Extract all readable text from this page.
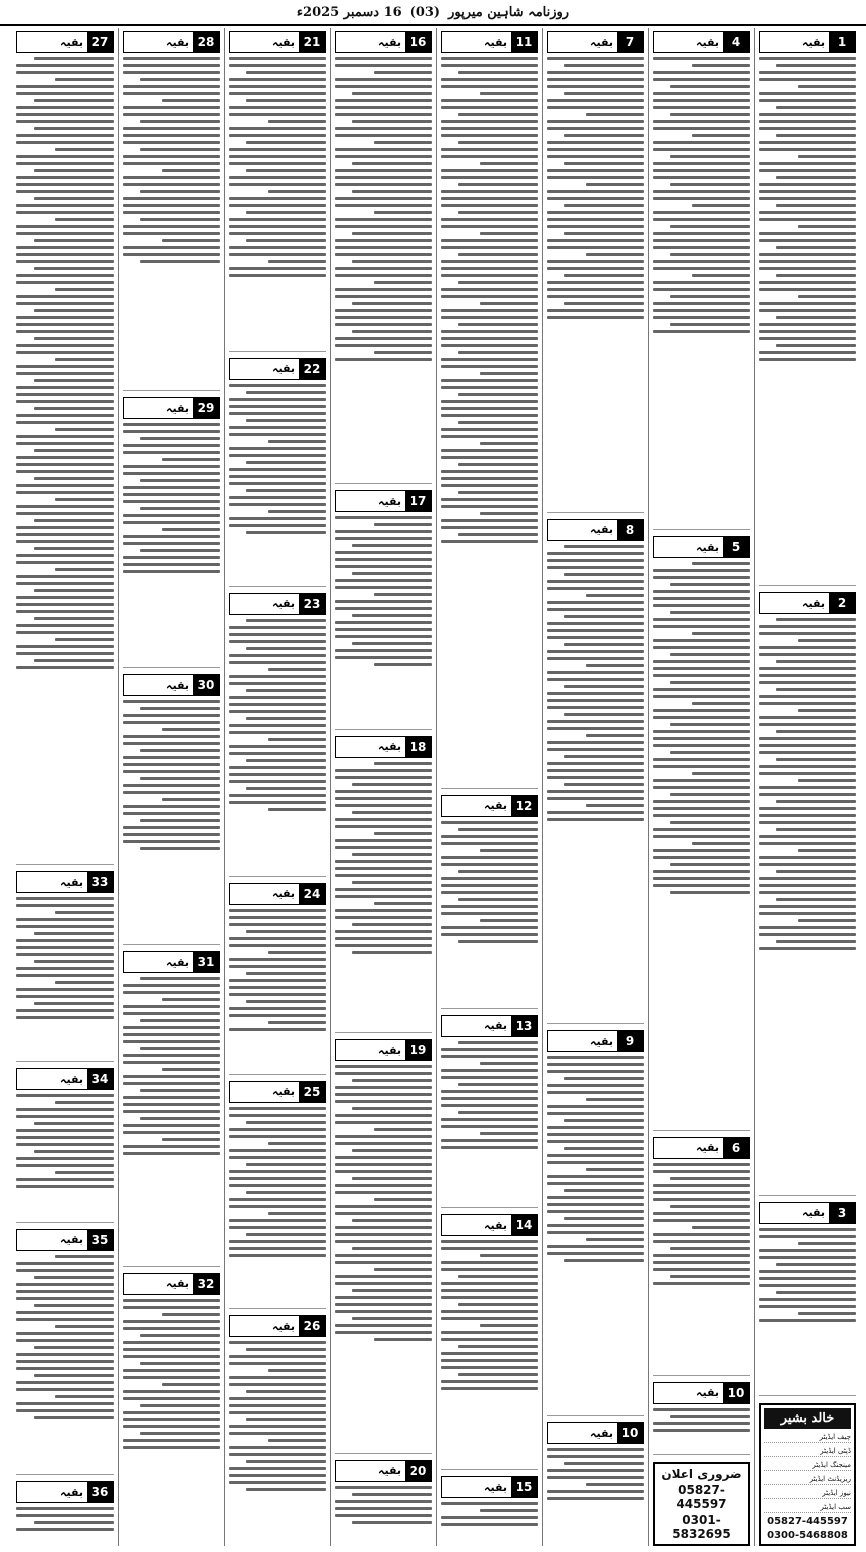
روزنامہ شاہین میرپور
(03)
16 دسمبر 2025ء
1
بقیہ
2
بقیہ
3
بقیہ
خالد بشیر
چیف ایڈیٹر
ڈپٹی ایڈیٹر
مینجنگ ایڈیٹر
ریزیڈنٹ ایڈیٹر
نیوز ایڈیٹر
سب ایڈیٹر
05827-445597
0300-5468808
4
بقیہ
5
بقیہ
6
بقیہ
10
بقیہ
ضروری اعلان
05827-445597
0301-5832695
7
بقیہ
8
بقیہ
9
بقیہ
10
بقیہ
11
بقیہ
12
بقیہ
13
بقیہ
14
بقیہ
15
بقیہ
16
بقیہ
17
بقیہ
18
بقیہ
19
بقیہ
20
بقیہ
21
بقیہ
22
بقیہ
23
بقیہ
24
بقیہ
25
بقیہ
26
بقیہ
28
بقیہ
29
بقیہ
30
بقیہ
31
بقیہ
32
بقیہ
27
بقیہ
33
بقیہ
34
بقیہ
35
بقیہ
36
بقیہ
